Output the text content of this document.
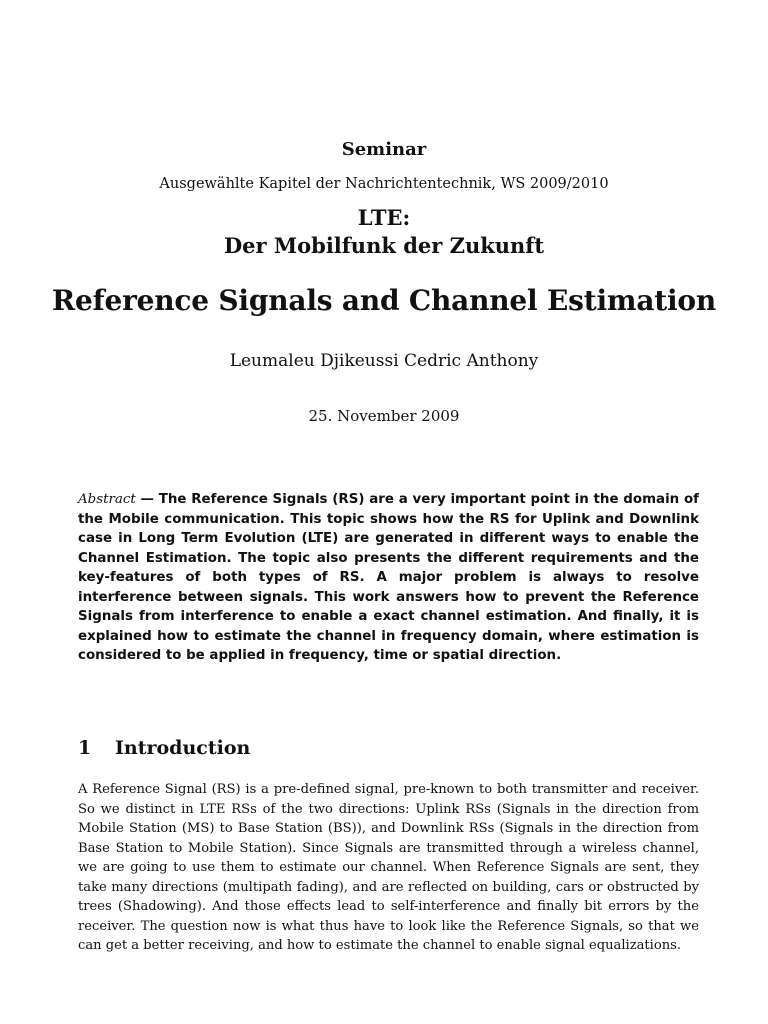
Seminar
Ausgewählte Kapitel der Nachrichtentechnik, WS 2009/2010
LTE:
Der Mobilfunk der Zukunft
Reference Signals and Channel Estimation
Leumaleu Djikeussi Cedric Anthony
25. November 2009
Abstract — The Reference Signals (RS) are a very important point in the domain of the Mobile communication. This topic shows how the RS for Uplink and Downlink case in Long Term Evolution (LTE) are generated in different ways to enable the Channel Estimation. The topic also presents the different requirements and the key-features of both types of RS. A major problem is always to resolve interference between signals. This work answers how to prevent the Reference Signals from interference to enable a exact channel estimation. And finally, it is explained how to estimate the channel in frequency domain, where estimation is considered to be applied in frequency, time or spatial direction.
1 Introduction
A Reference Signal (RS) is a pre-defined signal, pre-known to both transmitter and receiver. So we distinct in LTE RSs of the two directions: Uplink RSs (Signals in the direction from Mobile Station (MS) to Base Station (BS)), and Downlink RSs (Signals in the direction from Base Station to Mobile Station). Since Signals are transmitted through a wireless channel, we are going to use them to estimate our channel. When Reference Signals are sent, they take many directions (multipath fading), and are reflected on building, cars or obstructed by trees (Shadowing). And those effects lead to self-interference and finally bit errors by the receiver. The question now is what thus have to look like the Reference Signals, so that we can get a better receiving, and how to estimate the channel to enable signal equalizations.
